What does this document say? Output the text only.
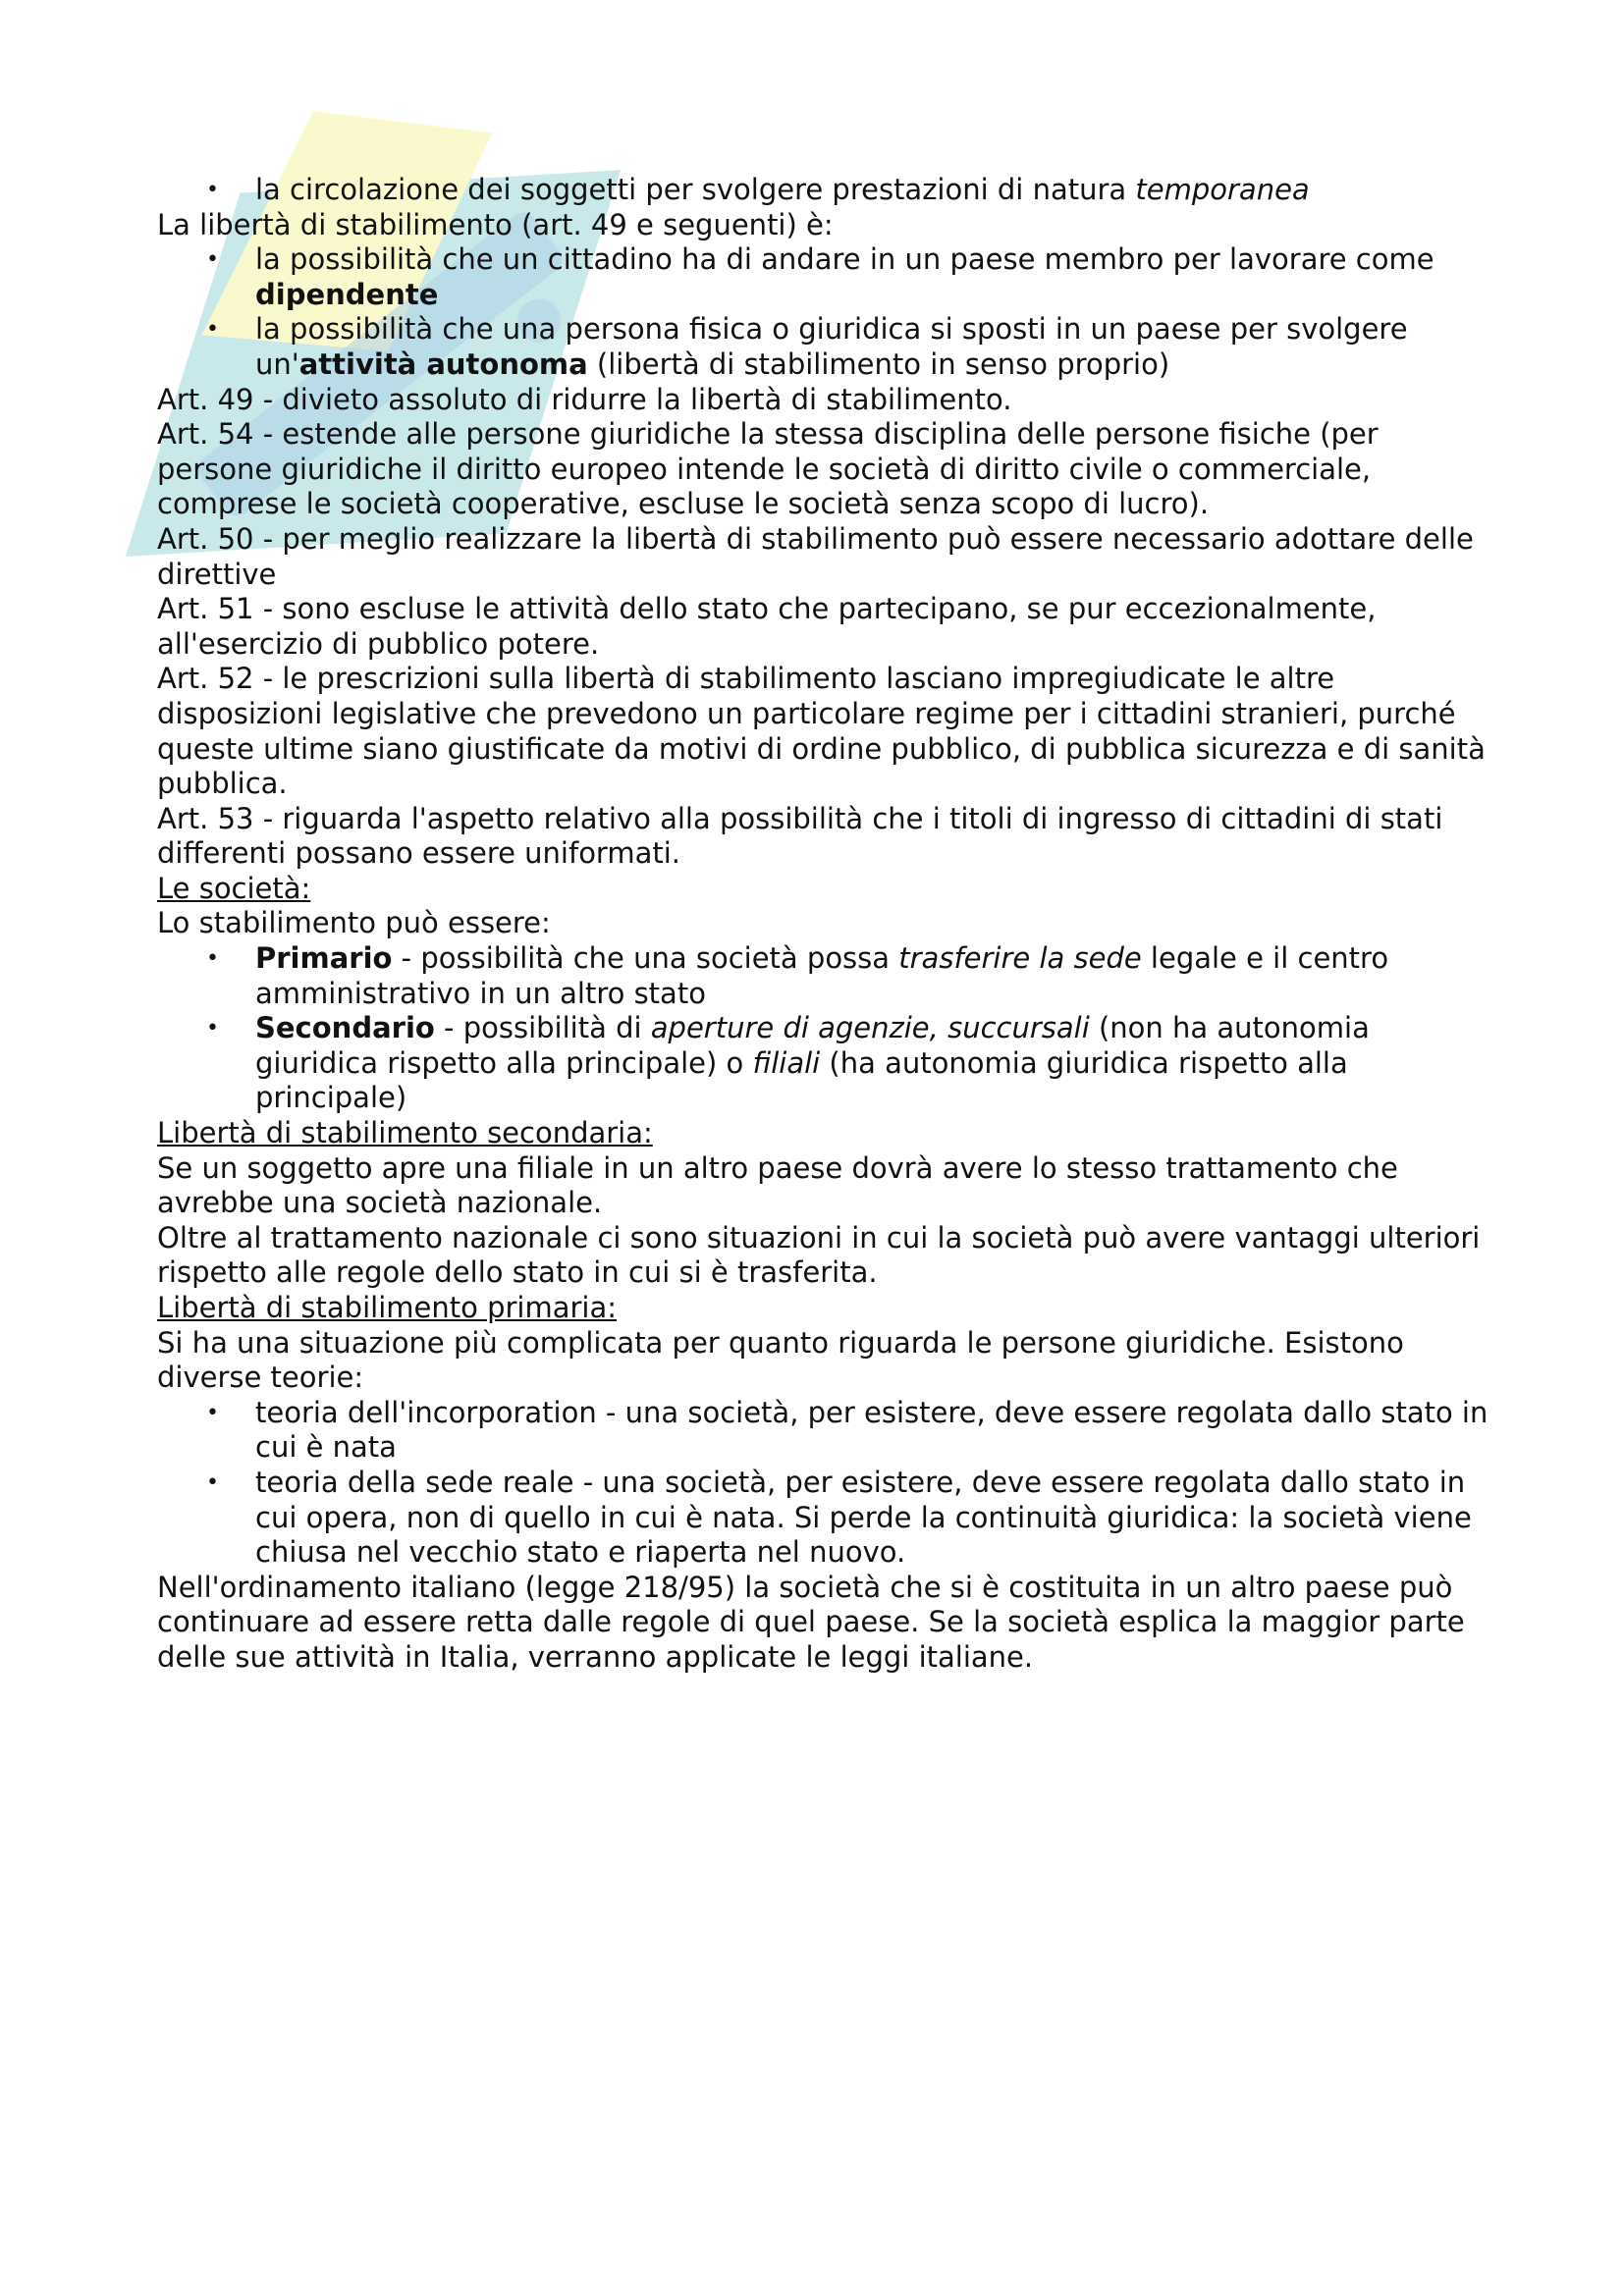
• la circolazione dei soggetti per svolgere prestazioni di natura temporanea

La libertà di stabilimento (art. 49 e seguenti) è:

• la possibilità che un cittadino ha di andare in un paese membro per lavorare come dipendente
• la possibilità che una persona fisica o giuridica si sposti in un paese per svolgere un'attività autonoma (libertà di stabilimento in senso proprio)

Art. 49 - divieto assoluto di ridurre la libertà di stabilimento.

Art. 54 - estende alle persone giuridiche la stessa disciplina delle persone fisiche (per persone giuridiche il diritto europeo intende le società di diritto civile o commerciale, comprese le società cooperative, escluse le società senza scopo di lucro).

Art. 50 - per meglio realizzare la libertà di stabilimento può essere necessario adottare delle direttive

Art. 51 - sono escluse le attività dello stato che partecipano, se pur eccezionalmente, all'esercizio di pubblico potere.

Art. 52 - le prescrizioni sulla libertà di stabilimento lasciano impregiudicate le altre disposizioni legislative che prevedono un particolare regime per i cittadini stranieri, purché queste ultime siano giustificate da motivi di ordine pubblico, di pubblica sicurezza e di sanità pubblica.

Art. 53 - riguarda l'aspetto relativo alla possibilità che i titoli di ingresso di cittadini di stati differenti possano essere uniformati.

Le società:

Lo stabilimento può essere:

• Primario - possibilità che una società possa trasferire la sede legale e il centro amministrativo in un altro stato
• Secondario - possibilità di aperture di agenzie, succursali (non ha autonomia giuridica rispetto alla principale) o filiali (ha autonomia giuridica rispetto alla principale)

Libertà di stabilimento secondaria:

Se un soggetto apre una filiale in un altro paese dovrà avere lo stesso trattamento che avrebbe una società nazionale.

Oltre al trattamento nazionale ci sono situazioni in cui la società può avere vantaggi ulteriori rispetto alle regole dello stato in cui si è trasferita.

Libertà di stabilimento primaria:

Si ha una situazione più complicata per quanto riguarda le persone giuridiche. Esistono diverse teorie:

• teoria dell'incorporation - una società, per esistere, deve essere regolata dallo stato in cui è nata
• teoria della sede reale - una società, per esistere, deve essere regolata dallo stato in cui opera, non di quello in cui è nata. Si perde la continuità giuridica: la società viene chiusa nel vecchio stato e riaperta nel nuovo.

Nell'ordinamento italiano (legge 218/95) la società che si è costituita in un altro paese può continuare ad essere retta dalle regole di quel paese. Se la società esplica la maggior parte delle sue attività in Italia, verranno applicate le leggi italiane.
